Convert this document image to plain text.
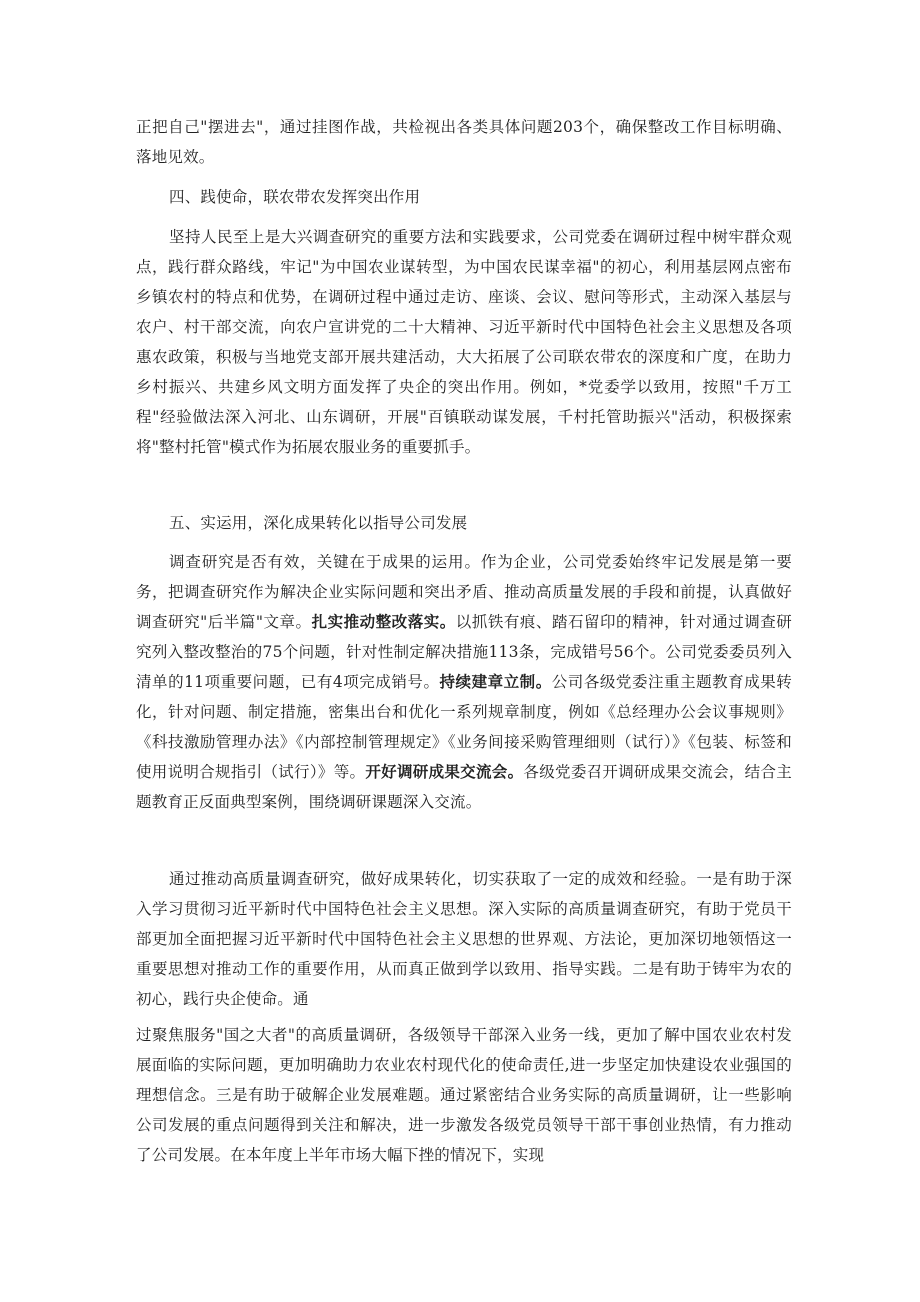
正把自己"摆进去"，通过挂图作战，共检视出各类具体问题203个，确保整改工作目标明确、落地见效。

四、践使命，联农带农发挥突出作用

坚持人民至上是大兴调查研究的重要方法和实践要求，公司党委在调研过程中树牢群众观点，践行群众路线，牢记"为中国农业谋转型，为中国农民谋幸福"的初心，利用基层网点密布乡镇农村的特点和优势，在调研过程中通过走访、座谈、会议、慰问等形式，主动深入基层与农户、村干部交流，向农户宣讲党的二十大精神、习近平新时代中国特色社会主义思想及各项惠农政策，积极与当地党支部开展共建活动，大大拓展了公司联农带农的深度和广度，在助力乡村振兴、共建乡风文明方面发挥了央企的突出作用。例如，*党委学以致用，按照"千万工程"经验做法深入河北、山东调研，开展"百镇联动谋发展，千村托管助振兴"活动，积极探索将"整村托管"模式作为拓展农服业务的重要抓手。

五、实运用，深化成果转化以指导公司发展

调查研究是否有效，关键在于成果的运用。作为企业，公司党委始终牢记发展是第一要务，把调查研究作为解决企业实际问题和突出矛盾、推动高质量发展的手段和前提，认真做好调查研究"后半篇"文章。扎实推动整改落实。以抓铁有痕、踏石留印的精神，针对通过调查研究列入整改整治的75个问题，针对性制定解决措施113条，完成错号56个。公司党委委员列入清单的11项重要问题，已有4项完成销号。持续建章立制。公司各级党委注重主题教育成果转化，针对问题、制定措施，密集出台和优化一系列规章制度，例如《总经理办公会议事规则》《科技激励管理办法》《内部控制管理规定》《业务间接采购管理细则（试行）》《包装、标签和使用说明合规指引（试行）》等。开好调研成果交流会。各级党委召开调研成果交流会，结合主题教育正反面典型案例，围绕调研课题深入交流。

通过推动高质量调查研究，做好成果转化，切实获取了一定的成效和经验。一是有助于深入学习贯彻习近平新时代中国特色社会主义思想。深入实际的高质量调查研究，有助于党员干部更加全面把握习近平新时代中国特色社会主义思想的世界观、方法论，更加深切地领悟这一重要思想对推动工作的重要作用，从而真正做到学以致用、指导实践。二是有助于铸牢为农的初心，践行央企使命。通

过聚焦服务"国之大者"的高质量调研，各级领导干部深入业务一线，更加了解中国农业农村发展面临的实际问题，更加明确助力农业农村现代化的使命责任,进一步坚定加快建设农业强国的理想信念。三是有助于破解企业发展难题。通过紧密结合业务实际的高质量调研，让一些影响公司发展的重点问题得到关注和解决，进一步激发各级党员领导干部干事创业热情，有力推动了公司发展。在本年度上半年市场大幅下挫的情况下，实现
